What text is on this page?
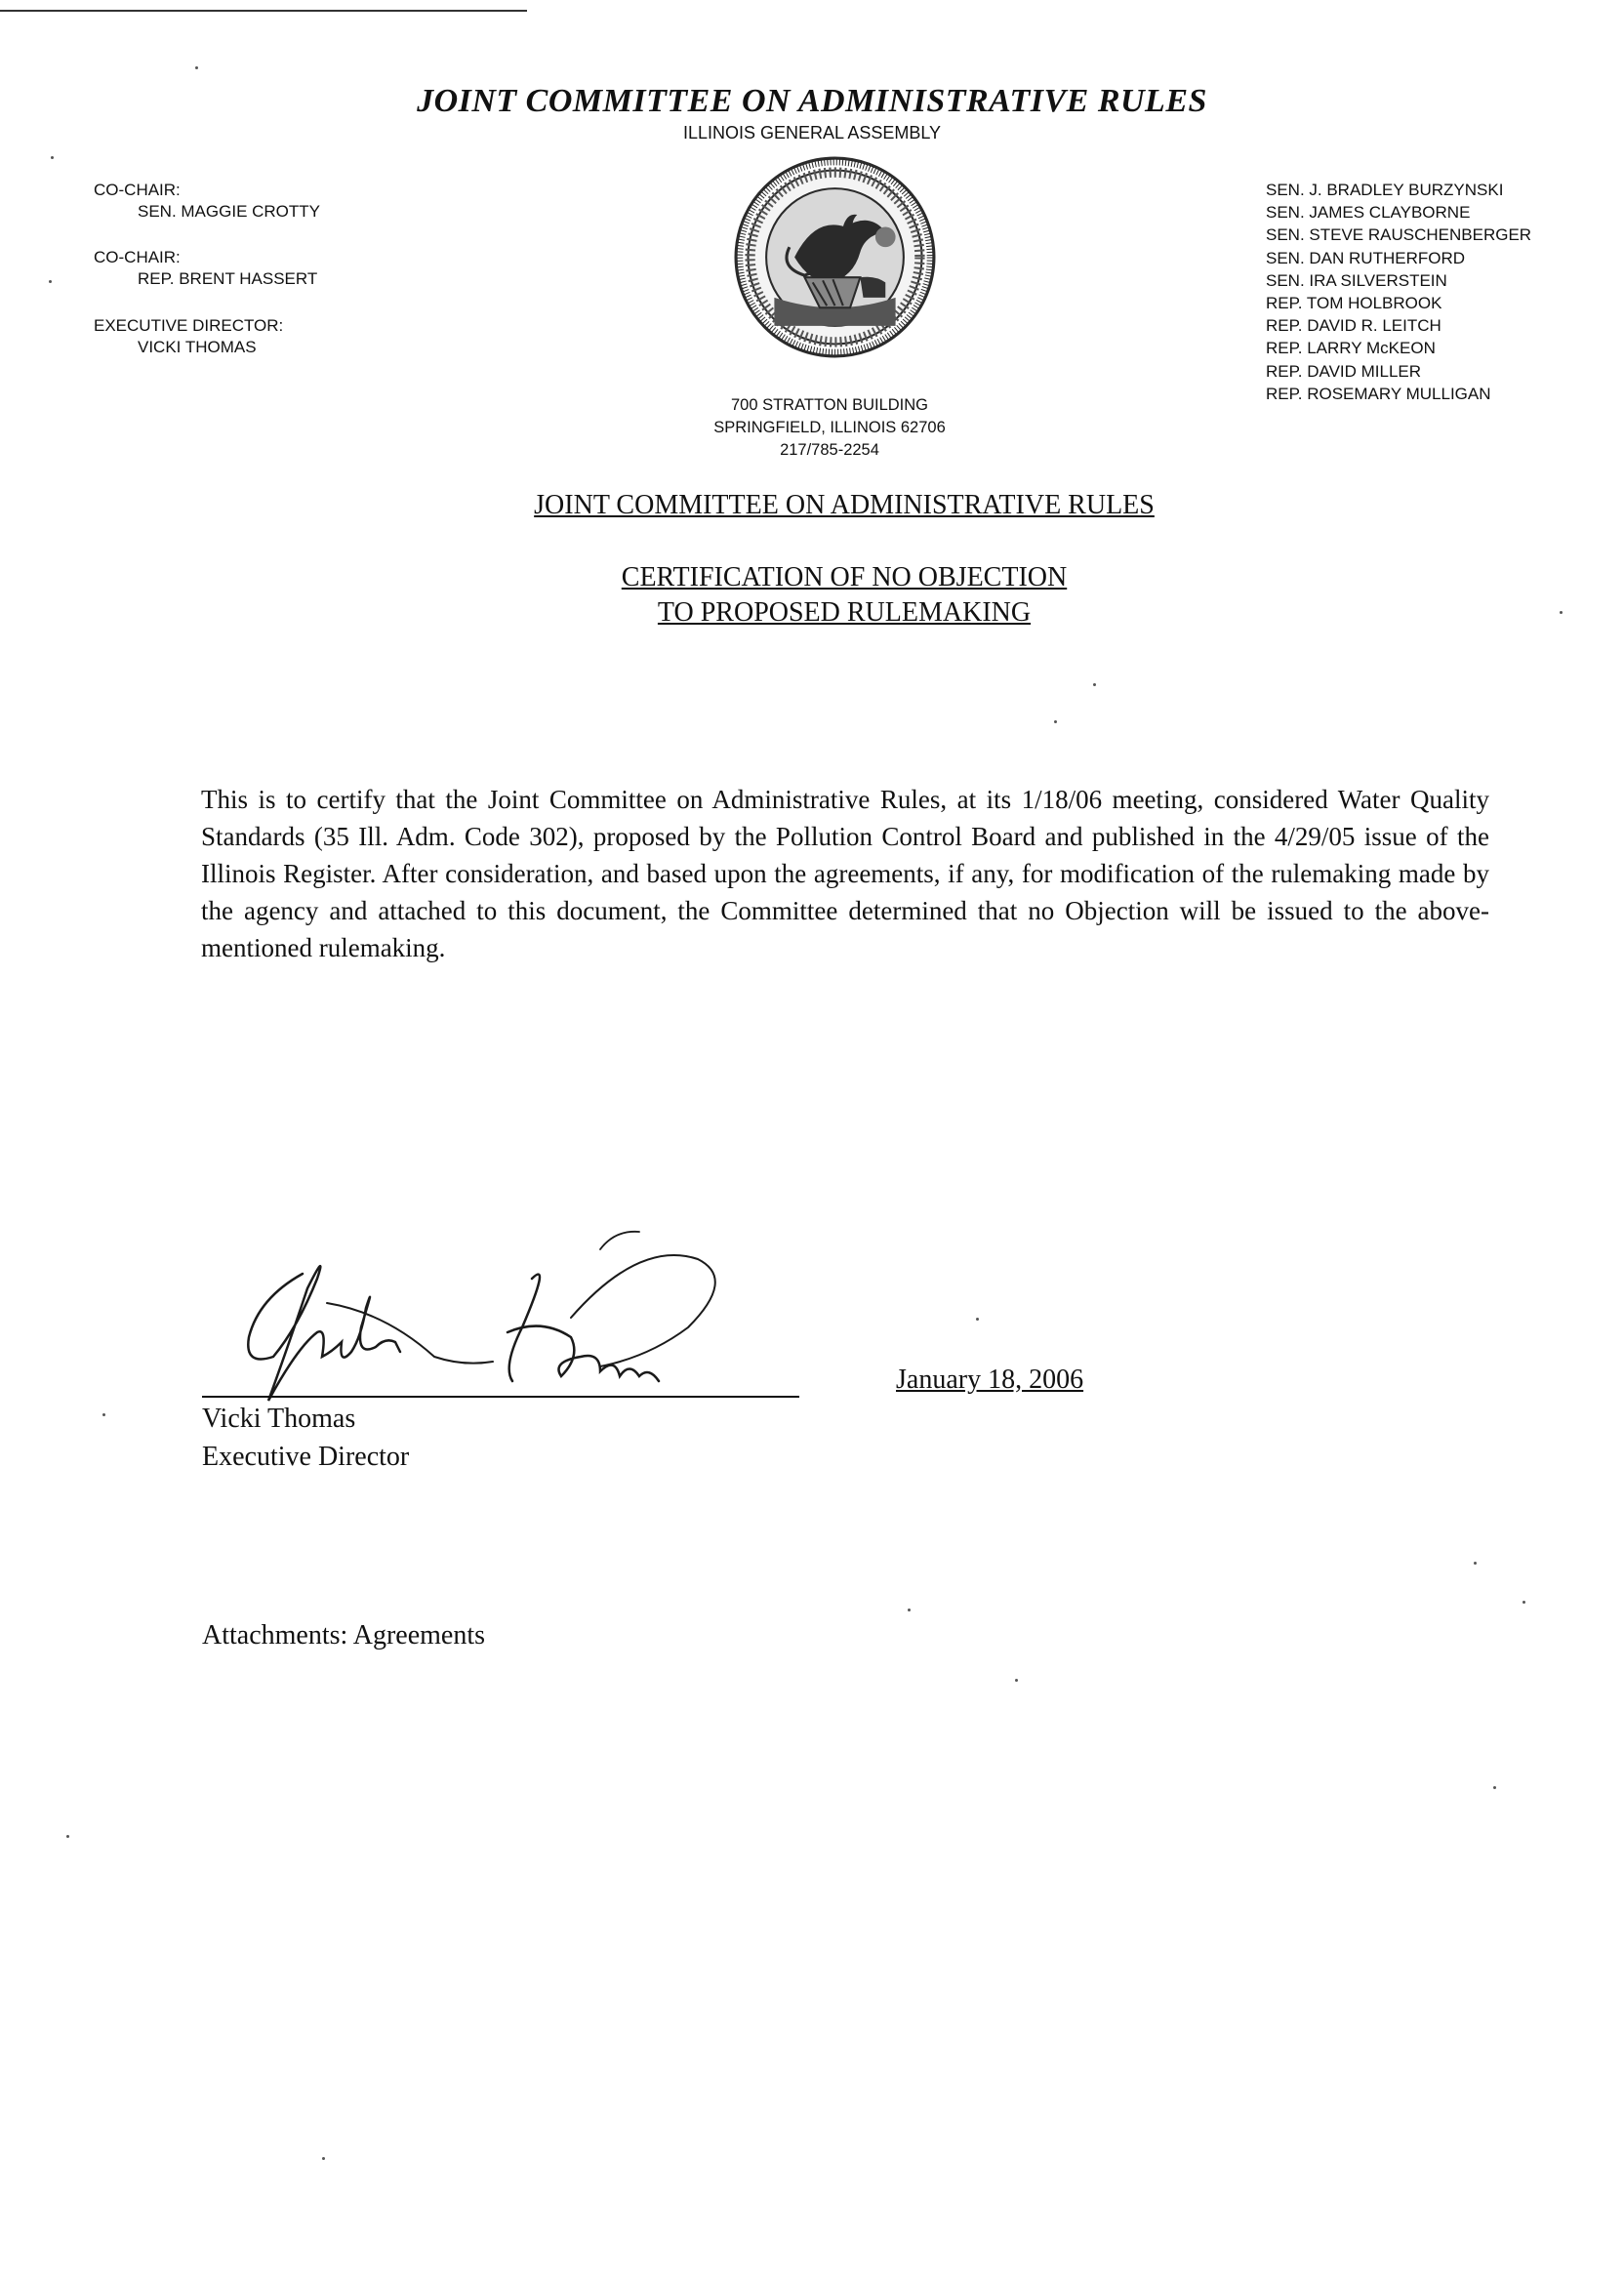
JOINT COMMITTEE ON ADMINISTRATIVE RULES
ILLINOIS GENERAL ASSEMBLY
CO-CHAIR:
SEN. MAGGIE CROTTY
CO-CHAIR:
REP. BRENT HASSERT
EXECUTIVE DIRECTOR:
VICKI THOMAS
SEN. J. BRADLEY BURZYNSKI
SEN. JAMES CLAYBORNE
SEN. STEVE RAUSCHENBERGER
SEN. DAN RUTHERFORD
SEN. IRA SILVERSTEIN
REP. TOM HOLBROOK
REP. DAVID R. LEITCH
REP. LARRY McKEON
REP. DAVID MILLER
REP. ROSEMARY MULLIGAN
700 STRATTON BUILDING
SPRINGFIELD, ILLINOIS 62706
217/785-2254
JOINT COMMITTEE ON ADMINISTRATIVE RULES
CERTIFICATION OF NO OBJECTION
TO PROPOSED RULEMAKING
This is to certify that the Joint Committee on Administrative Rules, at its 1/18/06 meeting, considered Water Quality Standards (35 Ill. Adm. Code 302), proposed by the Pollution Control Board and published in the 4/29/05 issue of the Illinois Register. After consideration, and based upon the agreements, if any, for modification of the rulemaking made by the agency and attached to this document, the Committee determined that no Objection will be issued to the above-mentioned rulemaking.
Vicki Thomas
Executive Director
January 18, 2006
Attachments: Agreements
